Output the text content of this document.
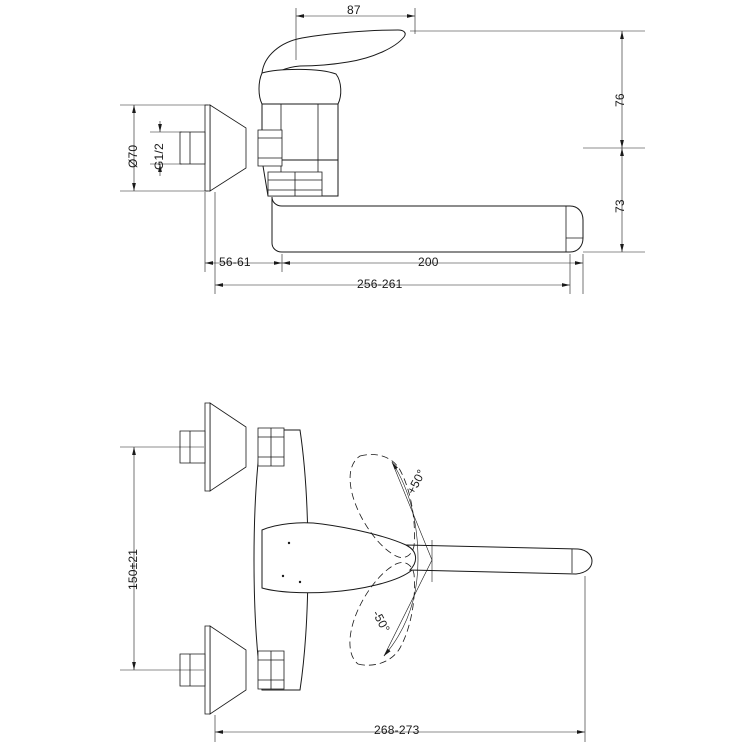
87
76
73
Ø70 G1/2
56-61	200
256-261
150±21
268-273
+50°
-50°
